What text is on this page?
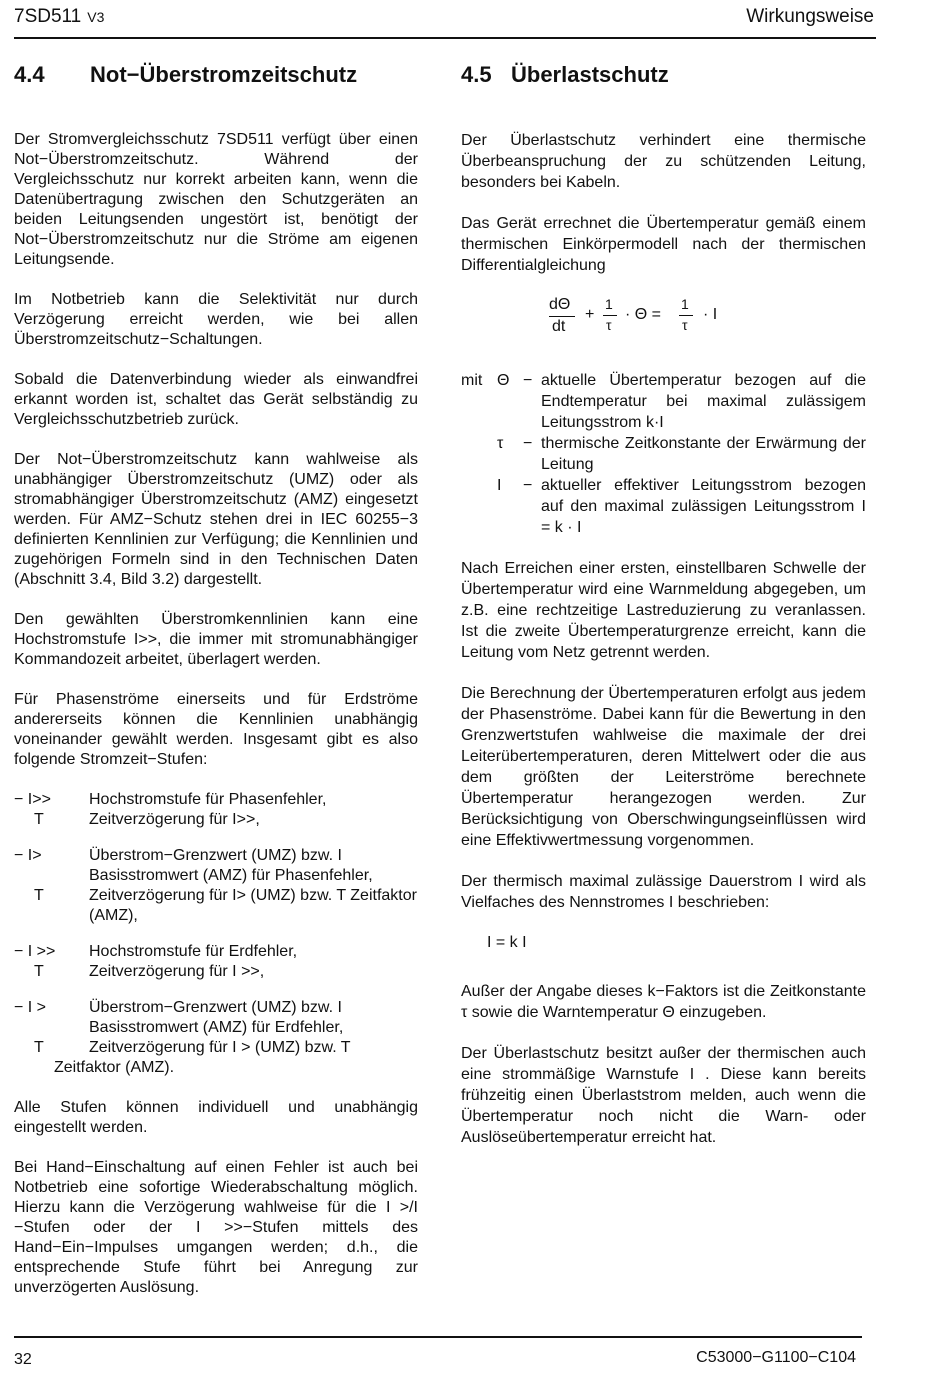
7SD511 V3	Wirkungsweise
4.4 Not−Überstromzeitschutz

Der Stromvergleichsschutz 7SD511 verfügt über einen Not−Überstromzeitschutz. Während der Vergleichsschutz nur korrekt arbeiten kann, wenn die Datenübertragung zwischen den Schutzgeräten an beiden Leitungsenden ungestört ist, benötigt der Not−Überstromzeitschutz nur die Ströme am eigenen Leitungsende.

Im Notbetrieb kann die Selektivität nur durch Verzögerung erreicht werden, wie bei allen Überstromzeitschutz−Schaltungen.

Sobald die Datenverbindung wieder als einwandfrei erkannt worden ist, schaltet das Gerät selbständig zu Vergleichsschutzbetrieb zurück.

Der Not−Überstromzeitschutz kann wahlweise als unabhängiger Überstromzeitschutz (UMZ) oder als stromabhängiger Überstromzeitschutz (AMZ) eingesetzt werden. Für AMZ−Schutz stehen drei in IEC 60255−3 definierten Kennlinien zur Verfügung; die Kennlinien und zugehörigen Formeln sind in den Technischen Daten (Abschnitt 3.4, Bild 3.2) dargestellt.

Den gewählten Überstromkennlinien kann eine Hochstromstufe I>>, die immer mit stromunabhängiger Kommandozeit arbeitet, überlagert werden.

Für Phasenströme einerseits und für Erdströme andererseits können die Kennlinien unabhängig voneinander gewählt werden. Insgesamt gibt es also folgende Stromzeit−Stufen:

− I>>	Hochstromstufe für Phasenfehler,
T	Zeitverzögerung für I>>,
− I>	Überstrom−Grenzwert (UMZ) bzw. I Basisstromwert (AMZ) für Phasenfehler,
T	Zeitverzögerung für I> (UMZ) bzw. T Zeitfaktor (AMZ),
− I >>	Hochstromstufe für Erdfehler,
T	Zeitverzögerung für I >>,
− I >	Überstrom−Grenzwert (UMZ) bzw. I Basisstromwert (AMZ) für Erdfehler,
T	Zeitverzögerung für I > (UMZ) bzw. T
Zeitfaktor (AMZ).

Alle Stufen können individuell und unabhängig eingestellt werden.

Bei Hand−Einschaltung auf einen Fehler ist auch bei Notbetrieb eine sofortige Wiederabschaltung möglich. Hierzu kann die Verzögerung wahlweise für die I >/I −Stufen oder der I >>−Stufen mittels des Hand−Ein−Impulses umgangen werden; d.h., die entsprechende Stufe führt bei Anregung zur unverzögerten Auslösung.

4.5 Überlastschutz

Der Überlastschutz verhindert eine thermische Überbeanspruchung der zu schützenden Leitung, besonders bei Kabeln.

Das Gerät errechnet die Übertemperatur gemäß einem thermischen Einkörpermodell nach der thermischen Differentialgleichung

dΘ
dt
+
1
τ
· Θ =
1
τ
· I
mit Θ − aktuelle Übertemperatur bezogen auf die Endtemperatur bei maximal zulässigem Leitungsstrom k·I
τ	− thermische Zeitkonstante der Erwärmung der Leitung
I	− aktueller effektiver Leitungsstrom bezogen auf den maximal zulässigen Leitungsstrom I = k · I

Nach Erreichen einer ersten, einstellbaren Schwelle der Übertemperatur wird eine Warnmeldung abgegeben, um z.B. eine rechtzeitige Lastreduzierung zu veranlassen. Ist die zweite Übertemperaturgrenze erreicht, kann die Leitung vom Netz getrennt werden.

Die Berechnung der Übertemperaturen erfolgt aus jedem der Phasenströme. Dabei kann für die Bewertung in den Grenzwertstufen wahlweise die maximale der drei Leiterübertemperaturen, deren Mittelwert oder die aus dem größten der Leiterströme berechnete Übertemperatur herangezogen werden. Zur Berücksichtigung von Oberschwingungseinflüssen wird eine Effektivwertmessung vorgenommen.

Der thermisch maximal zulässige Dauerstrom I wird als Vielfaches des Nennstromes I beschrieben:

I = k I

Außer der Angabe dieses k−Faktors ist die Zeitkonstante τ sowie die Warntemperatur Θ einzugeben.

Der Überlastschutz besitzt außer der thermischen auch eine strommäßige Warnstufe I . Diese kann bereits frühzeitig einen Überlaststrom melden, auch wenn die Übertemperatur noch nicht die Warn- oder Auslöseübertemperatur erreicht hat.

32	C53000−G1100−C104
